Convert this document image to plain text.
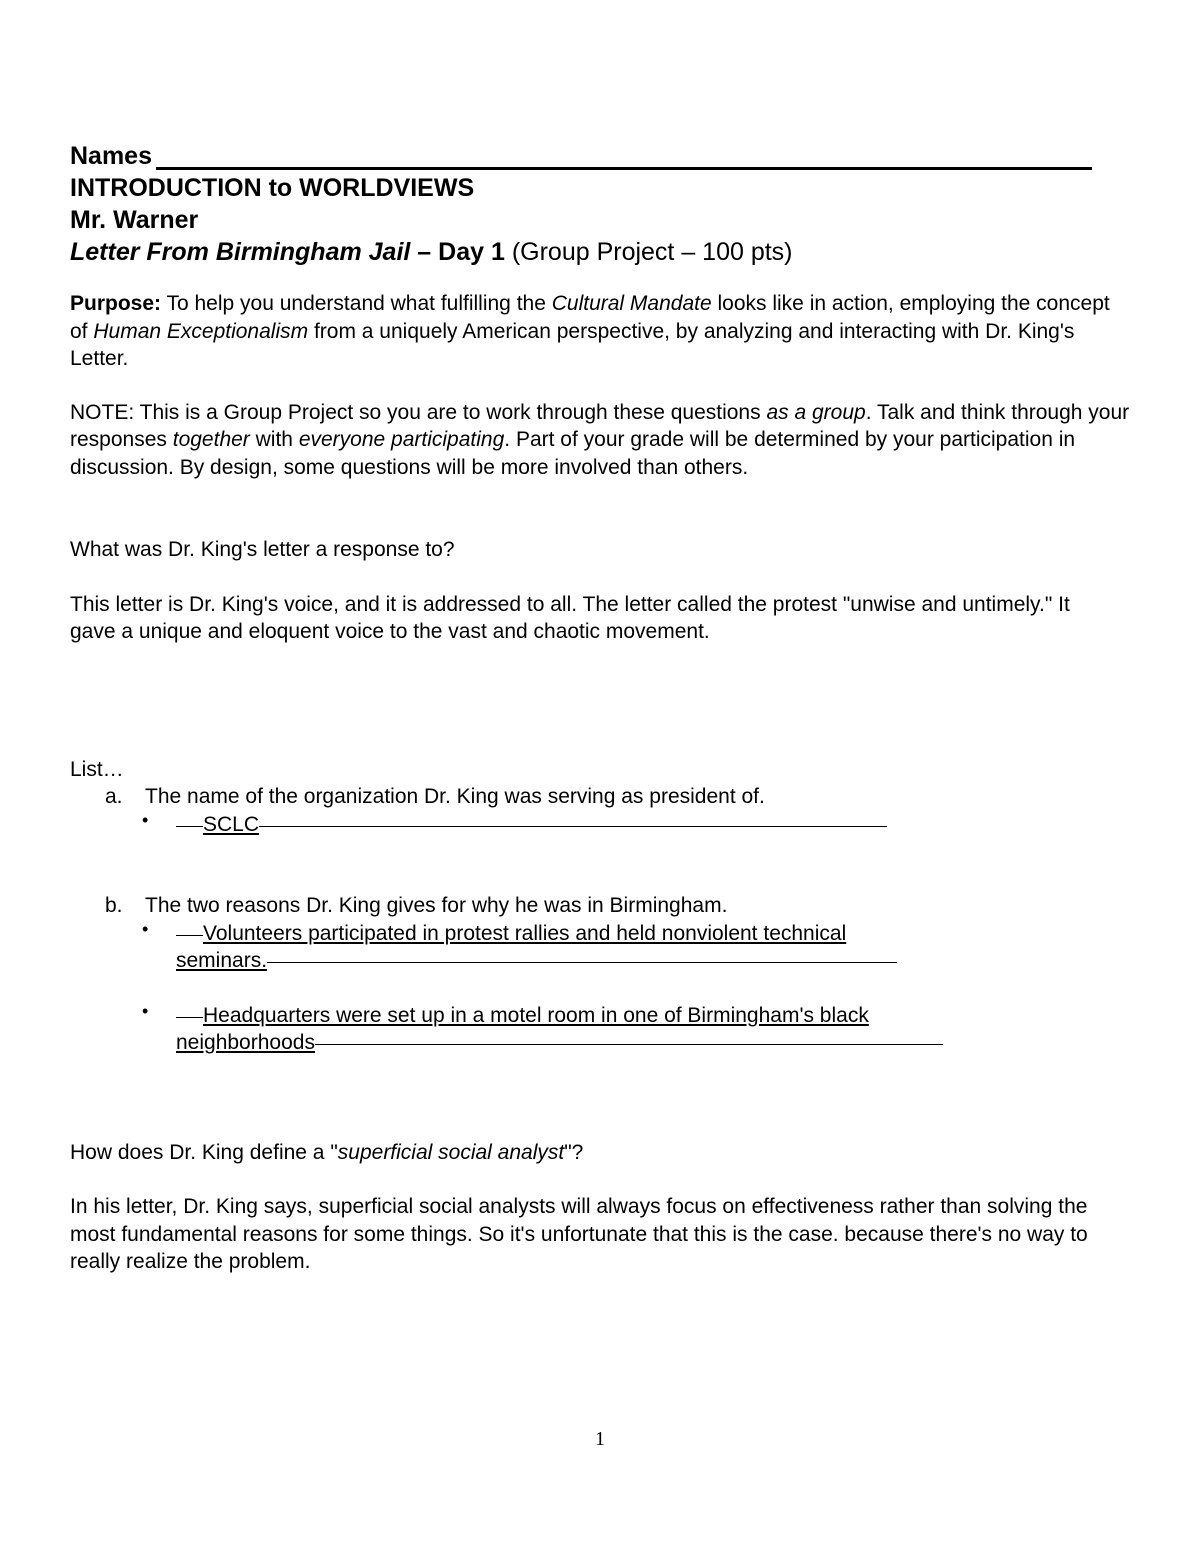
Names
INTRODUCTION to WORLDVIEWS
Mr. Warner
Letter From Birmingham Jail – Day 1 (Group Project – 100 pts)

Purpose: To help you understand what fulfilling the Cultural Mandate looks like in action, employing the concept of Human Exceptionalism from a uniquely American perspective, by analyzing and interacting with Dr. King's Letter.

NOTE: This is a Group Project so you are to work through these questions as a group. Talk and think through your responses together with everyone participating. Part of your grade will be determined by your participation in discussion. By design, some questions will be more involved than others.

What was Dr. King's letter a response to?

This letter is Dr. King's voice, and it is addressed to all. The letter called the protest "unwise and untimely." It gave a unique and eloquent voice to the vast and chaotic movement.

List…

a. The name of the organization Dr. King was serving as president of.
•	SCLC
b. The two reasons Dr. King gives for why he was in Birmingham.
•	Volunteers participated in protest rallies and held nonviolent technical
seminars.
•	Headquarters were set up in a motel room in one of Birmingham's black
neighborhoods

How does Dr. King define a "superficial social analyst"?

In his letter, Dr. King says, superficial social analysts will always focus on effectiveness rather than solving the most fundamental reasons for some things. So it's unfortunate that this is the case. because there's no way to really realize the problem.

1
